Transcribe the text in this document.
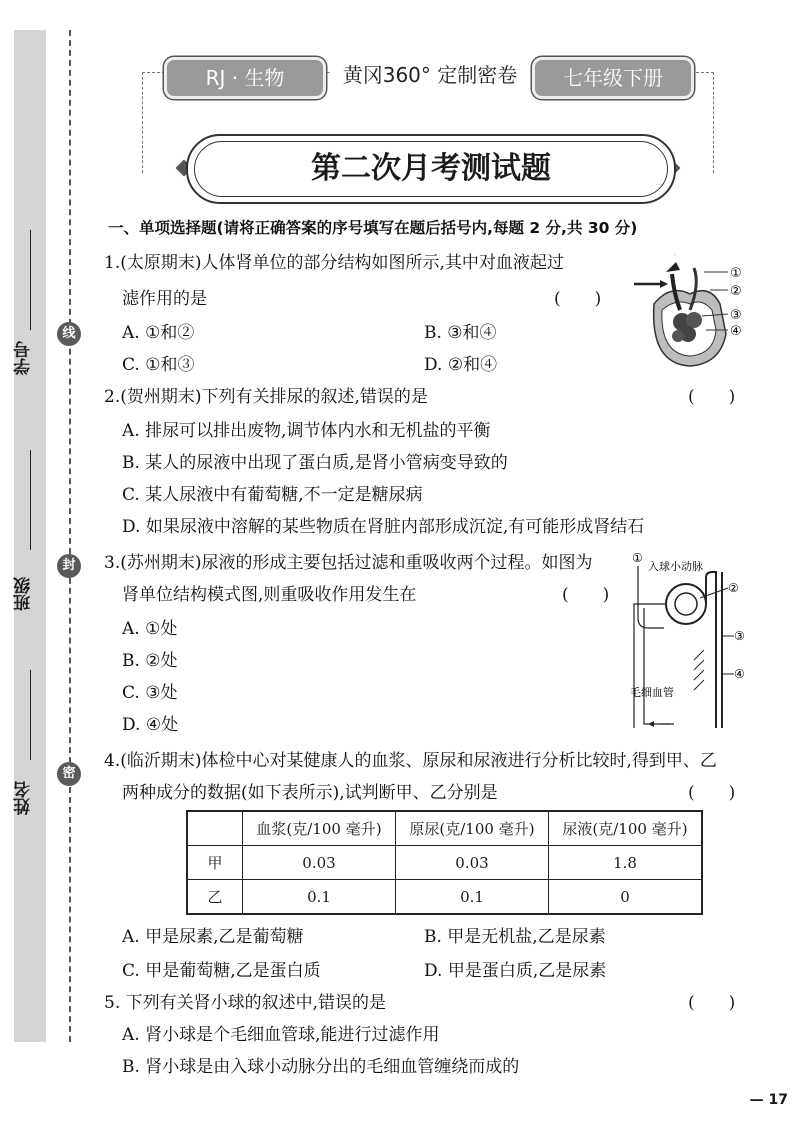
学号
班级
姓名
线
封
密
RJ · 生物	黄冈360° 定制密卷	七年级下册
第二次月考测试题
一、单项选择题(请将正确答案的序号填写在题后括号内,每题 2 分,共 30 分)
1.(太原期末)人体肾单位的部分结构如图所示,其中对血液起过
滤作用的是	(　　)
A. ①和②	B. ③和④
C. ①和③	D. ②和④
①
②
③
④
2.(贺州期末)下列有关排尿的叙述,错误的是	(　　)
A. 排尿可以排出废物,调节体内水和无机盐的平衡
B. 某人的尿液中出现了蛋白质,是肾小管病变导致的
C. 某人尿液中有葡萄糖,不一定是糖尿病
D. 如果尿液中溶解的某些物质在肾脏内部形成沉淀,有可能形成肾结石
3.(苏州期末)尿液的形成主要包括过滤和重吸收两个过程。如图为
肾单位结构模式图,则重吸收作用发生在	(　　)
A. ①处
B. ②处
C. ③处
D. ④处
①
入球小动脉
②
③
④
毛细血管
4.(临沂期末)体检中心对某健康人的血浆、原尿和尿液进行分析比较时,得到甲、乙
两种成分的数据(如下表所示),试判断甲、乙分别是	(　　)
	血浆(克/100 毫升)	原尿(克/100 毫升)	尿液(克/100 毫升)
甲	0.03	0.03	1.8
乙	0.1	0.1	0
A. 甲是尿素,乙是葡萄糖	B. 甲是无机盐,乙是尿素
C. 甲是葡萄糖,乙是蛋白质	D. 甲是蛋白质,乙是尿素
5. 下列有关肾小球的叙述中,错误的是	(　　)
A. 肾小球是个毛细血管球,能进行过滤作用
B. 肾小球是由入球小动脉分出的毛细血管缠绕而成的
— 17
